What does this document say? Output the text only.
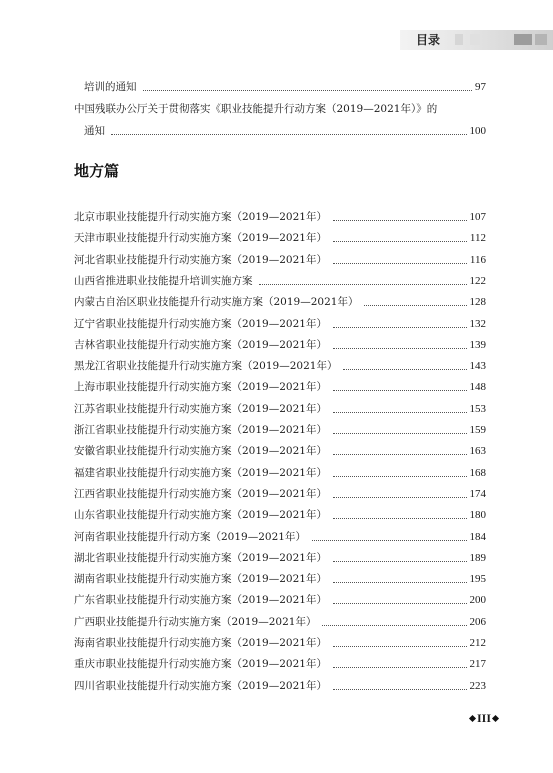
目录
培训的通知	97
中国残联办公厅关于贯彻落实《职业技能提升行动方案（2019—2021年）》的
通知	100
地方篇
北京市职业技能提升行动实施方案（2019—2021年）	107
天津市职业技能提升行动实施方案（2019—2021年）	112
河北省职业技能提升行动实施方案（2019—2021年）	116
山西省推进职业技能提升培训实施方案	122
内蒙古自治区职业技能提升行动实施方案（2019—2021年）	128
辽宁省职业技能提升行动实施方案（2019—2021年）	132
吉林省职业技能提升行动实施方案（2019—2021年）	139
黑龙江省职业技能提升行动实施方案（2019—2021年）	143
上海市职业技能提升行动实施方案（2019—2021年）	148
江苏省职业技能提升行动实施方案（2019—2021年）	153
浙江省职业技能提升行动实施方案（2019—2021年）	159
安徽省职业技能提升行动实施方案（2019—2021年）	163
福建省职业技能提升行动实施方案（2019—2021年）	168
江西省职业技能提升行动实施方案（2019—2021年）	174
山东省职业技能提升行动实施方案（2019—2021年）	180
河南省职业技能提升行动方案（2019—2021年）	184
湖北省职业技能提升行动实施方案（2019—2021年）	189
湖南省职业技能提升行动实施方案（2019—2021年）	195
广东省职业技能提升行动实施方案（2019—2021年）	200
广西职业技能提升行动实施方案（2019—2021年）	206
海南省职业技能提升行动实施方案（2019—2021年）	212
重庆市职业技能提升行动实施方案（2019—2021年）	217
四川省职业技能提升行动实施方案（2019—2021年）	223
III
